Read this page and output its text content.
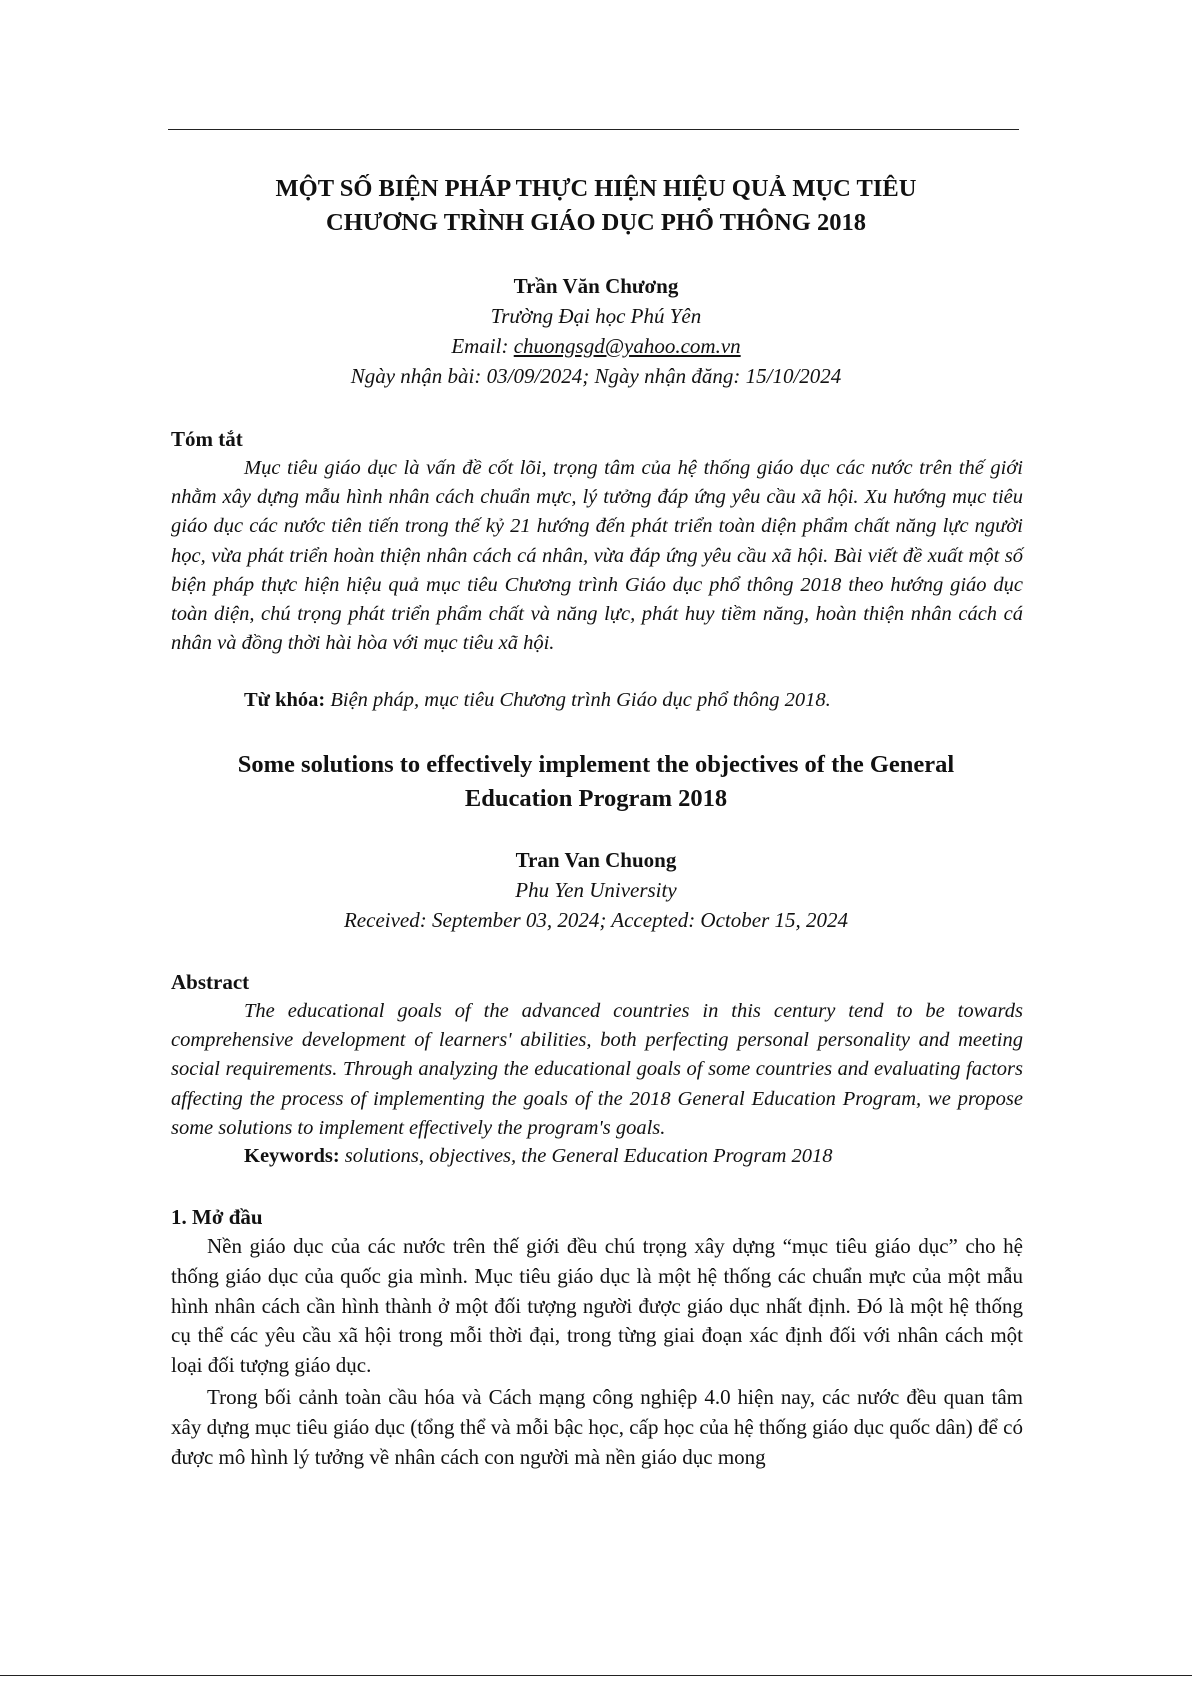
MỘT SỐ BIỆN PHÁP THỰC HIỆN HIỆU QUẢ MỤC TIÊU
CHƯƠNG TRÌNH GIÁO DỤC PHỔ THÔNG 2018
Trần Văn Chương
Trường Đại học Phú Yên
Email: chuongsgd@yahoo.com.vn
Ngày nhận bài: 03/09/2024; Ngày nhận đăng: 15/10/2024
Tóm tắt

Mục tiêu giáo dục là vấn đề cốt lõi, trọng tâm của hệ thống giáo dục các nước trên thế giới nhằm xây dựng mẫu hình nhân cách chuẩn mực, lý tưởng đáp ứng yêu cầu xã hội. Xu hướng mục tiêu giáo dục các nước tiên tiến trong thế kỷ 21 hướng đến phát triển toàn diện phẩm chất năng lực người học, vừa phát triển hoàn thiện nhân cách cá nhân, vừa đáp ứng yêu cầu xã hội. Bài viết đề xuất một số biện pháp thực hiện hiệu quả mục tiêu Chương trình Giáo dục phổ thông 2018 theo hướng giáo dục toàn diện, chú trọng phát triển phẩm chất và năng lực, phát huy tiềm năng, hoàn thiện nhân cách cá nhân và đồng thời hài hòa với mục tiêu xã hội.

Từ khóa: Biện pháp, mục tiêu Chương trình Giáo dục phổ thông 2018.
Some solutions to effectively implement the objectives of the General
Education Program 2018
Tran Van Chuong
Phu Yen University
Received: September 03, 2024; Accepted: October 15, 2024
Abstract

The educational goals of the advanced countries in this century tend to be towards comprehensive development of learners' abilities, both perfecting personal personality and meeting social requirements. Through analyzing the educational goals of some countries and evaluating factors affecting the process of implementing the goals of the 2018 General Education Program, we propose some solutions to implement effectively the program's goals.

Keywords: solutions, objectives, the General Education Program 2018
1. Mở đầu

Nền giáo dục của các nước trên thế giới đều chú trọng xây dựng “mục tiêu giáo dục” cho hệ thống giáo dục của quốc gia mình. Mục tiêu giáo dục là một hệ thống các chuẩn mực của một mẫu hình nhân cách cần hình thành ở một đối tượng người được giáo dục nhất định. Đó là một hệ thống cụ thể các yêu cầu xã hội trong mỗi thời đại, trong từng giai đoạn xác định đối với nhân cách một loại đối tượng giáo dục.

Trong bối cảnh toàn cầu hóa và Cách mạng công nghiệp 4.0 hiện nay, các nước đều quan tâm xây dựng mục tiêu giáo dục (tổng thể và mỗi bậc học, cấp học của hệ thống giáo dục quốc dân) để có được mô hình lý tưởng về nhân cách con người mà nền giáo dục mong
